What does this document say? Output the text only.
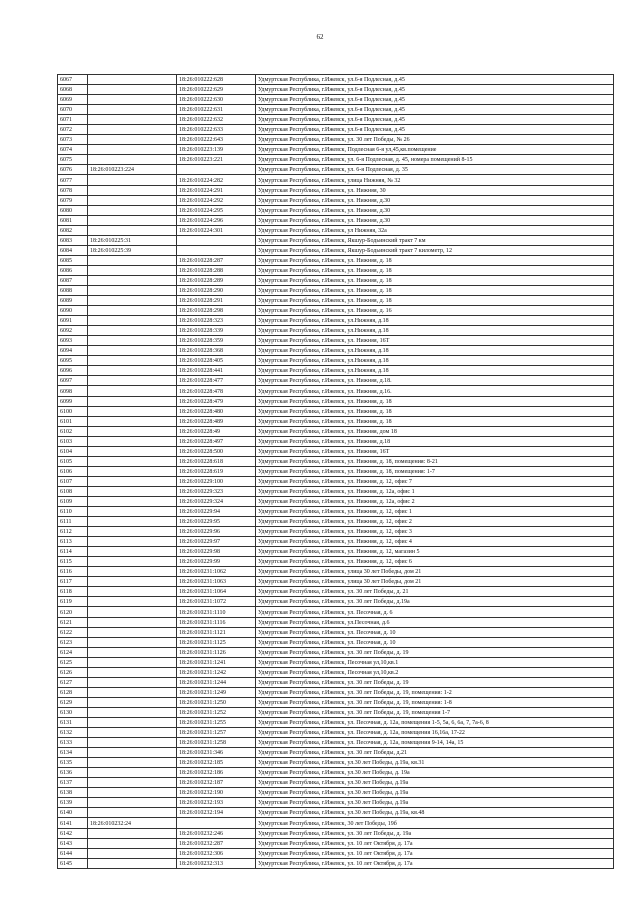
62
6067		18:26:010222:628	Удмуртская Республика, г.Ижевск, ул.6-я Подлесная, д.45
6068		18:26:010222:629	Удмуртская Республика, г.Ижевск, ул.6-я Подлесная, д.45
6069		18:26:010222:630	Удмуртская Республика, г.Ижевск, ул.6-я Подлесная, д.45
6070		18:26:010222:631	Удмуртская Республика, г.Ижевск, ул.6-я Подлесная, д.45
6071		18:26:010222:632	Удмуртская Республика, г.Ижевск, ул.6-я Подлесная, д.45
6072		18:26:010222:633	Удмуртская Республика, г.Ижевск, ул.6-я Подлесная, д.45
6073		18:26:010222:643	Удмуртская Республика, г.Ижевск, ул. 30 лет Победы, № 26
6074		18:26:010223:139	Удмуртская Республика, г.Ижевск, Подлесная 6-я ул,45,кв.помещение
6075		18:26:010223:221	Удмуртская Республика, г.Ижевск, ул. 6-я Подлесная, д. 45, номера помещений 8-15
6076	18:26:010223:224		Удмуртская Республика, г.Ижевск, ул. 6-я Подлесная, д. 35
6077		18:26:010224:282	Удмуртская Республика, г.Ижевск, улица Нижняя, № 32
6078		18:26:010224:291	Удмуртская Республика, г.Ижевск, ул. Нижняя, 30
6079		18:26:010224:292	Удмуртская Республика, г.Ижевск, ул. Нижняя, д.30
6080		18:26:010224:295	Удмуртская Республика, г.Ижевск, ул. Нижняя, д.30
6081		18:26:010224:296	Удмуртская Республика, г.Ижевск, ул. Нижняя, д.30
6082		18:26:010224:301	Удмуртская Республика, г.Ижевск, ул Нижняя, 32а
6083	18:26:010225:31		Удмуртская Республика, г.Ижевск, Якшур-Бодьинский тракт 7 км
6084	18:26:010225:39		Удмуртская Республика, г.Ижевск, Якшур-Бодьинский тракт 7 километр, 12
6085		18:26:010228:287	Удмуртская Республика, г.Ижевск, ул. Нижняя, д. 18
6086		18:26:010228:288	Удмуртская Республика, г.Ижевск, ул. Нижняя, д. 18
6087		18:26:010228:289	Удмуртская Республика, г.Ижевск, ул. Нижняя, д. 18
6088		18:26:010228:290	Удмуртская Республика, г.Ижевск, ул. Нижняя, д. 18
6089		18:26:010228:291	Удмуртская Республика, г.Ижевск, ул. Нижняя, д. 18
6090		18:26:010228:298	Удмуртская Республика, г.Ижевск, ул. Нижняя, д. 16
6091		18:26:010228:323	Удмуртская Республика, г.Ижевск, ул.Нижняя, д.18
6092		18:26:010228:339	Удмуртская Республика, г.Ижевск, ул.Нижняя, д.18
6093		18:26:010228:359	Удмуртская Республика, г.Ижевск, ул. Нижняя, 16Т
6094		18:26:010228:368	Удмуртская Республика, г.Ижевск, ул.Нижняя, д.18
6095		18:26:010228:405	Удмуртская Республика, г.Ижевск, ул.Нижняя, д.18
6096		18:26:010228:441	Удмуртская Республика, г.Ижевск, ул.Нижняя, д.18
6097		18:26:010228:477	Удмуртская Республика, г.Ижевск, ул. Нижняя, д.18.
6098		18:26:010228:478	Удмуртская Республика, г.Ижевск, ул. Нижняя, д.16.
6099		18:26:010228:479	Удмуртская Республика, г.Ижевск, ул. Нижняя, д. 18
6100		18:26:010228:480	Удмуртская Республика, г.Ижевск, ул. Нижняя, д. 18
6101		18:26:010228:489	Удмуртская Республика, г.Ижевск, ул. Нижняя, д. 18
6102		18:26:010228:49	Удмуртская Республика, г.Ижевск, ул. Нижняя, дом 18
6103		18:26:010228:497	Удмуртская Республика, г.Ижевск, ул. Нижняя, д.18
6104		18:26:010228:500	Удмуртская Республика, г.Ижевск, ул. Нижняя, 16Т
6105		18:26:010228:618	Удмуртская Республика, г.Ижевск, ул. Нижняя, д. 18, помещения: 8-21
6106		18:26:010228:619	Удмуртская Республика, г.Ижевск, ул. Нижняя, д. 18, помещения: 1-7
6107		18:26:010229:100	Удмуртская Республика, г.Ижевск, ул. Нижняя, д. 12, офис 7
6108		18:26:010229:323	Удмуртская Республика, г.Ижевск, ул. Нижняя, д. 12а, офис 1
6109		18:26:010229:324	Удмуртская Республика, г.Ижевск, ул. Нижняя, д. 12а, офис 2
6110		18:26:010229:94	Удмуртская Республика, г.Ижевск, ул. Нижняя, д. 12, офис 1
6111		18:26:010229:95	Удмуртская Республика, г.Ижевск, ул. Нижняя, д. 12, офис 2
6112		18:26:010229:96	Удмуртская Республика, г.Ижевск, ул. Нижняя, д. 12, офис 3
6113		18:26:010229:97	Удмуртская Республика, г.Ижевск, ул. Нижняя, д. 12, офис 4
6114		18:26:010229:98	Удмуртская Республика, г.Ижевск, ул. Нижняя, д. 12, магазин 5
6115		18:26:010229:99	Удмуртская Республика, г.Ижевск, ул. Нижняя, д. 12, офис 6
6116		18:26:010231:1062	Удмуртская Республика, г.Ижевск, улица 30 лет Победы, дом 21
6117		18:26:010231:1063	Удмуртская Республика, г.Ижевск, улица 30 лет Победы, дом 21
6118		18:26:010231:1064	Удмуртская Республика, г.Ижевск, ул. 30 лет Победы, д. 21
6119		18:26:010231:1072	Удмуртская Республика, г.Ижевск, ул. 30 лет Победы, д.19а
6120		18:26:010231:1110	Удмуртская Республика, г.Ижевск, ул. Песочная, д. 6
6121		18:26:010231:1116	Удмуртская Республика, г.Ижевск, ул.Песочная, д.6
6122		18:26:010231:1121	Удмуртская Республика, г.Ижевск, ул. Песочная, д. 10
6123		18:26:010231:1125	Удмуртская Республика, г.Ижевск, ул. Песочная, д. 10
6124		18:26:010231:1126	Удмуртская Республика, г.Ижевск, ул. 30 лет Победы, д. 19
6125		18:26:010231:1241	Удмуртская Республика, г.Ижевск, Песочная ул,10,кв.1
6126		18:26:010231:1242	Удмуртская Республика, г.Ижевск, Песочная ул,10,кв.2
6127		18:26:010231:1244	Удмуртская Республика, г.Ижевск, ул. 30 лет Победы, д. 19
6128		18:26:010231:1249	Удмуртская Республика, г.Ижевск, ул. 30 лет Победы, д. 19, помещения: 1-2
6129		18:26:010231:1250	Удмуртская Республика, г.Ижевск, ул. 30 лет Победы, д. 19, помещения: 1-8
6130		18:26:010231:1252	Удмуртская Республика, г.Ижевск, ул. 30 лет Победы, д. 19, помещения 1-7
6131		18:26:010231:1255	Удмуртская Республика, г.Ижевск, ул. Песочная, д. 12а, помещения 1-5, 5а, 6, 6а, 7, 7а-6, 8
6132		18:26:010231:1257	Удмуртская Республика, г.Ижевск, ул. Песочная, д. 12а, помещения 16,16а, 17-22
6133		18:26:010231:1258	Удмуртская Республика, г.Ижевск, ул. Песочная, д. 12а, помещения 9-14, 14а, 15
6134		18:26:010231:346	Удмуртская Республика, г.Ижевск, ул. 30 лет Победы, д.21
6135		18:26:010232:185	Удмуртская Республика, г.Ижевск, ул.30 лет Победы, д.19а, кв.31
6136		18:26:010232:186	Удмуртская Республика, г.Ижевск, ул.30 лет Победы, д. 19а
6137		18:26:010232:187	Удмуртская Республика, г.Ижевск, ул.30 лет Победы, д.19а
6138		18:26:010232:190	Удмуртская Республика, г.Ижевск, ул.30 лет Победы, д.19а
6139		18:26:010232:193	Удмуртская Республика, г.Ижевск, ул.30 лет Победы, д.19а
6140		18:26:010232:194	Удмуртская Республика, г.Ижевск, ул.30 лет Победы, д.19а, кв.48
6141	18:26:010232:24		Удмуртская Республика, г.Ижевск, 30 лет Победы, 19б
6142		18:26:010232:246	Удмуртская Республика, г.Ижевск, ул. 30 лет Победы, д. 19а
6143		18:26:010232:287	Удмуртская Республика, г.Ижевск, ул. 10 лет Октября, д. 17а
6144		18:26:010232:306	Удмуртская Республика, г.Ижевск, ул. 10 лет Октября, д. 17а
6145		18:26:010232:313	Удмуртская Республика, г.Ижевск, ул. 10 лет Октября, д. 17а
